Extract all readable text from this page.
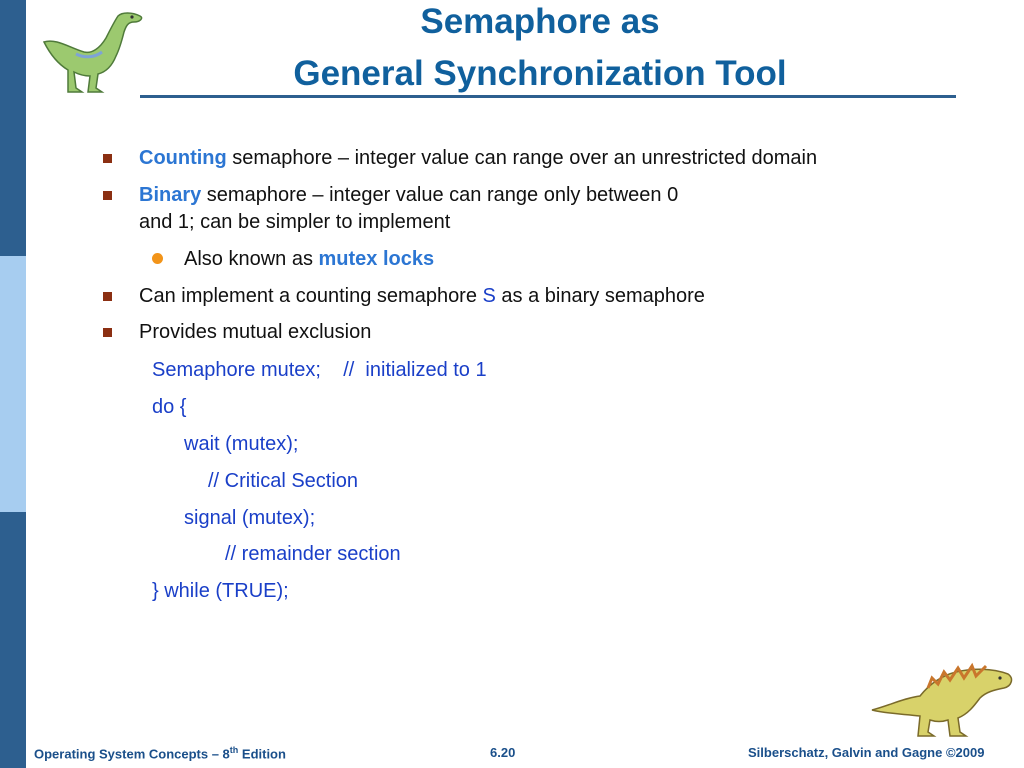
Semaphore as
General Synchronization Tool
Counting semaphore – integer value can range over an unrestricted domain
Binary semaphore – integer value can range only between 0
and 1; can be simpler to implement
Also known as mutex locks
Can implement a counting semaphore S as a binary semaphore
Provides mutual exclusion
Semaphore mutex;    //  initialized to 1
do {
wait (mutex);
// Critical Section
signal (mutex);
// remainder section
} while (TRUE);
Operating System Concepts – 8th Edition	6.20	Silberschatz, Galvin and Gagne ©2009
